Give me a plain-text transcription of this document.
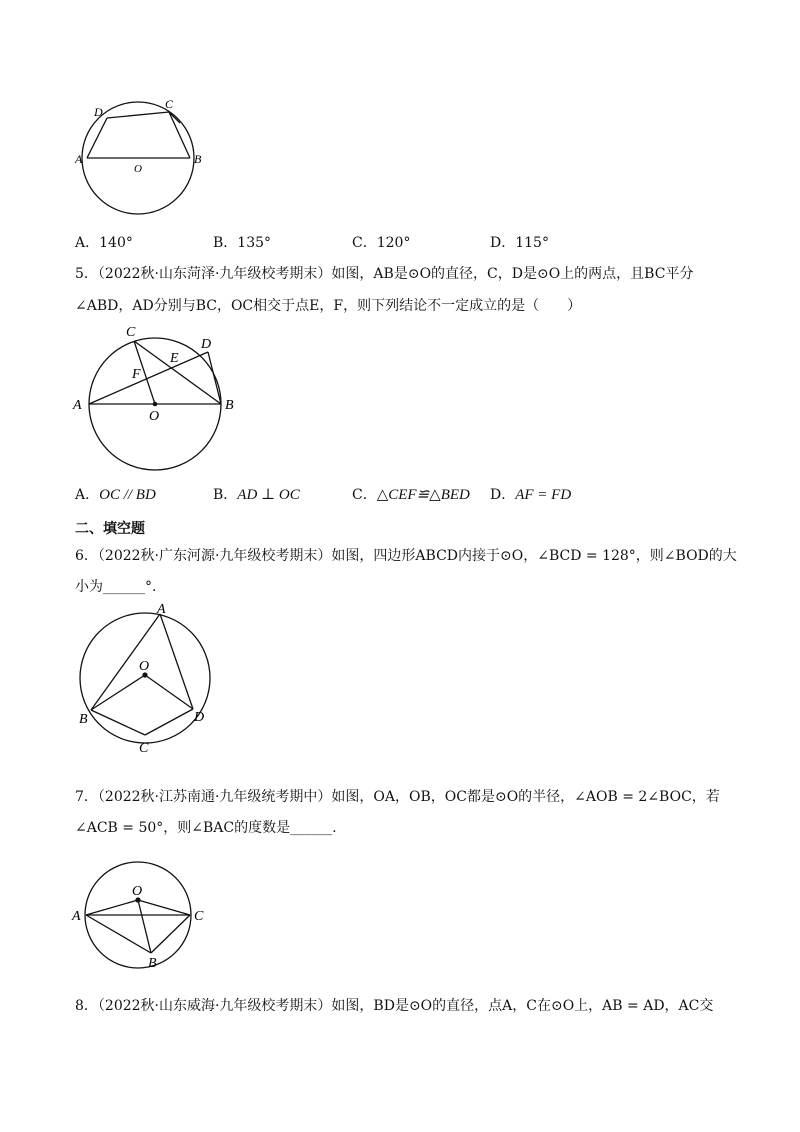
A	B
C
D
O
A．140°	B．135°	C．120°	D．115°
5．（2022秋·山东菏泽·九年级校考期末）如图，AB是⊙O的直径，C，D是⊙O上的两点，且BC平分
∠ABD，AD分别与BC，OC相交于点E，F，则下列结论不一定成立的是（　　）
A	B
C
D
E
F
O
A．OC // BD	B．AD ⊥ OC	C．△CEF≌△BED D．AF = FD
二、填空题
6．（2022秋·广东河源·九年级校考期末）如图，四边形ABCD内接于⊙O，∠BCD = 128°，则∠BOD的大
小为______°.
A
O
B	D
C
7．（2022秋·江苏南通·九年级统考期中）如图，OA，OB，OC都是⊙O的半径，∠AOB = 2∠BOC，若
∠ACB = 50°，则∠BAC的度数是______.
O
A	C
B
8．（2022秋·山东威海·九年级校考期末）如图，BD是⊙O的直径，点A，C在⊙O上，AB = AD，AC交
